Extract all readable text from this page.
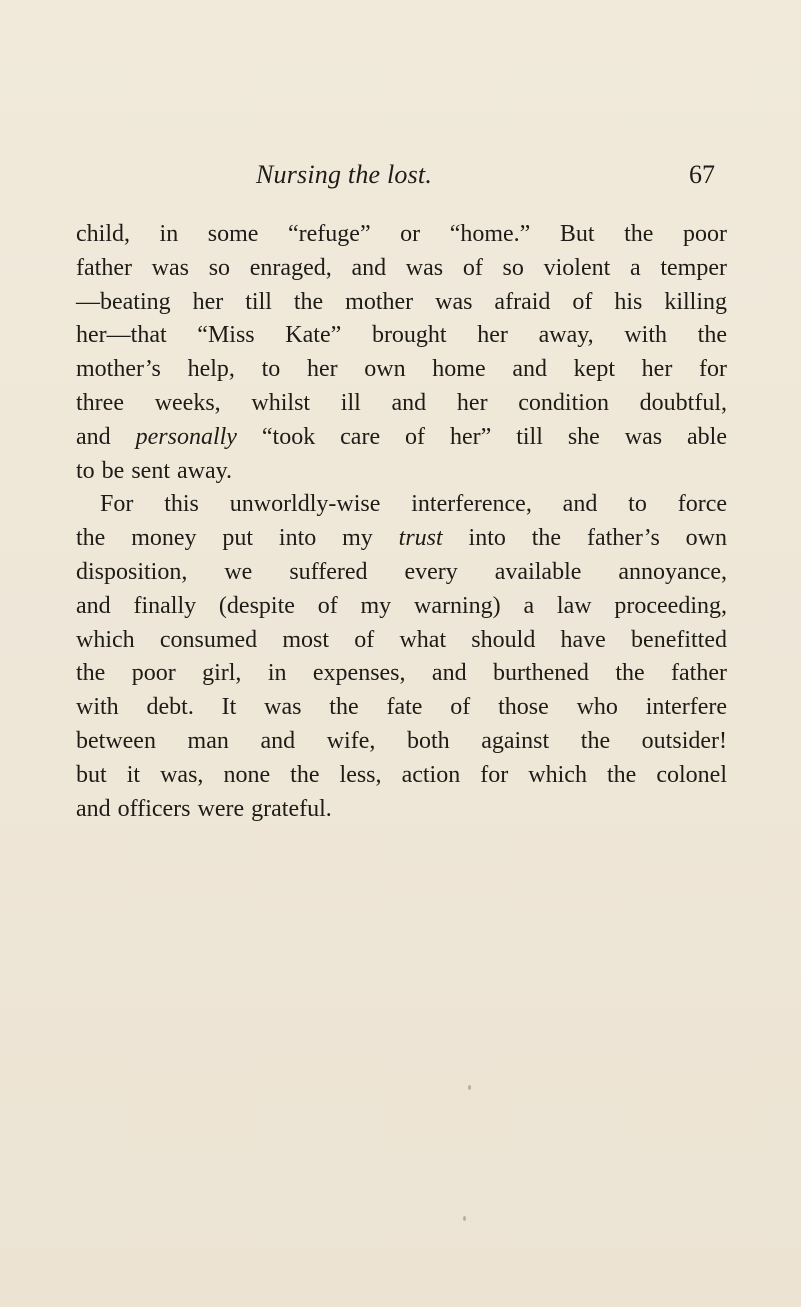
Nursing the lost.	67
child, in some “refuge” or “home.” But the poor
father was so enraged, and was of so violent a temper
—beating her till the mother was afraid of his killing
her—that “Miss Kate” brought her away, with the
mother’s help, to her own home and kept her for
three weeks, whilst ill and her condition doubtful,
and personally “took care of her” till she was able
to be sent away.
For this unworldly-wise interference, and to force
the money put into my trust into the father’s own
disposition, we suffered every available annoyance,
and finally (despite of my warning) a law proceeding,
which consumed most of what should have benefitted
the poor girl, in expenses, and burthened the father
with debt. It was the fate of those who interfere
between man and wife, both against the outsider!
but it was, none the less, action for which the colonel
and officers were grateful.
